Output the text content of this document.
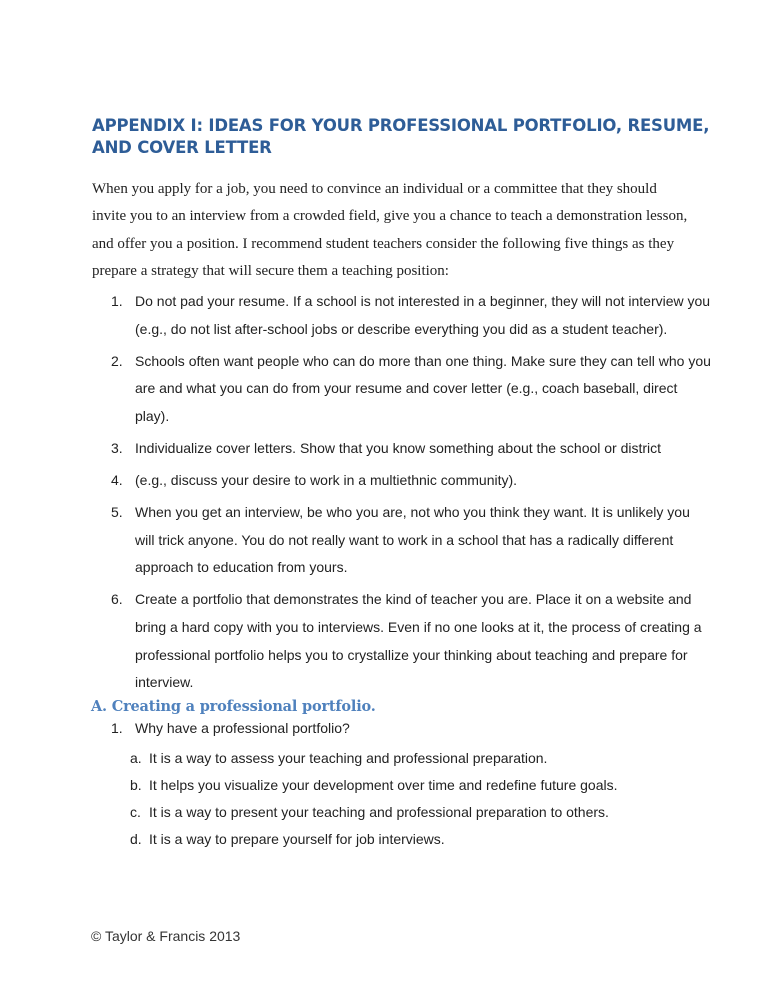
APPENDIX I: IDEAS FOR YOUR PROFESSIONAL PORTFOLIO, RESUME, AND COVER LETTER

When you apply for a job, you need to convince an individual or a committee that they should invite you to an interview from a crowded field, give you a chance to teach a demonstration lesson, and offer you a position. I recommend student teachers consider the following five things as they prepare a strategy that will secure them a teaching position:

1. Do not pad your resume. If a school is not interested in a beginner, they will not interview you (e.g., do not list after-school jobs or describe everything you did as a student teacher).
2. Schools often want people who can do more than one thing. Make sure they can tell who you are and what you can do from your resume and cover letter (e.g., coach baseball, direct play).
3. Individualize cover letters. Show that you know something about the school or district
4. (e.g., discuss your desire to work in a multiethnic community).
5. When you get an interview, be who you are, not who you think they want. It is unlikely you will trick anyone. You do not really want to work in a school that has a radically different approach to education from yours.
6. Create a portfolio that demonstrates the kind of teacher you are. Place it on a website and bring a hard copy with you to interviews. Even if no one looks at it, the process of creating a professional portfolio helps you to crystallize your thinking about teaching and prepare for interview.
A. Creating a professional portfolio.
1. Why have a professional portfolio?
a. It is a way to assess your teaching and professional preparation.
b. It helps you visualize your development over time and redefine future goals.
c. It is a way to present your teaching and professional preparation to others.
d. It is a way to prepare yourself for job interviews.

© Taylor & Francis 2013
